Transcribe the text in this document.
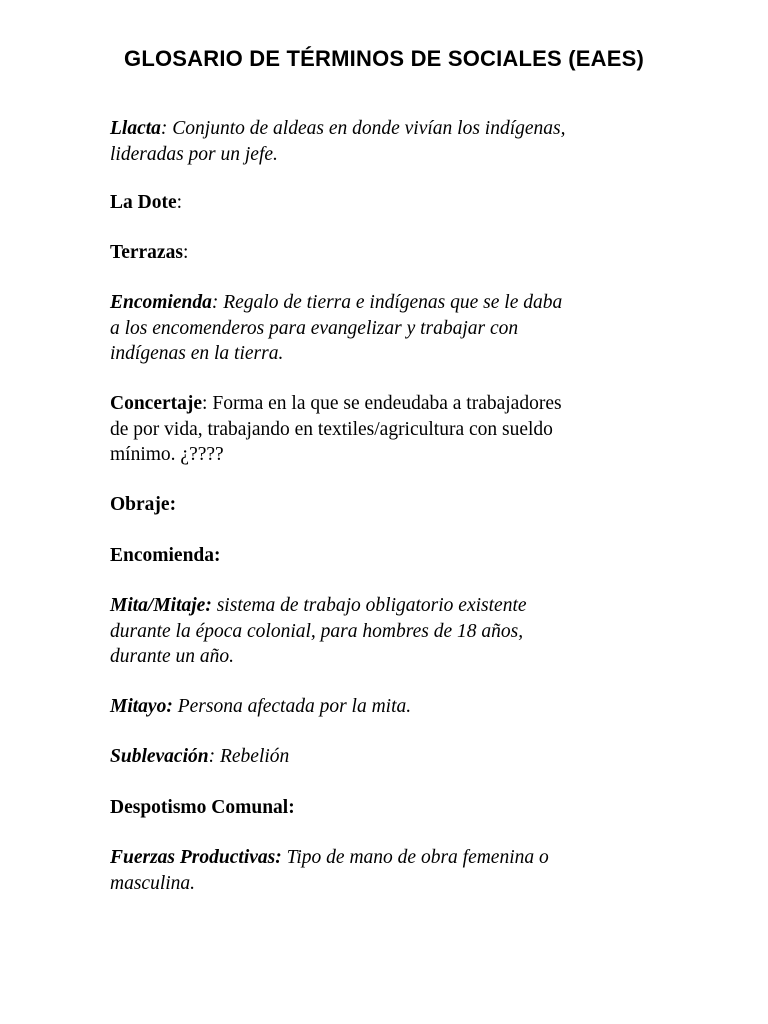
GLOSARIO DE TÉRMINOS DE SOCIALES (EAES)
Llacta: Conjunto de aldeas en donde vivían los indígenas,
lideradas por un jefe.
La Dote:
Terrazas:
Encomienda: Regalo de tierra e indígenas que se le daba
a los encomenderos para evangelizar y trabajar con
indígenas en la tierra.
Concertaje: Forma en la que se endeudaba a trabajadores
de por vida, trabajando en textiles/agricultura con sueldo
mínimo. ¿????
Obraje:
Encomienda:
Mita/Mitaje: sistema de trabajo obligatorio existente
durante la época colonial, para hombres de 18 años,
durante un año.
Mitayo: Persona afectada por la mita.
Sublevación: Rebelión
Despotismo Comunal:
Fuerzas Productivas: Tipo de mano de obra femenina o
masculina.
